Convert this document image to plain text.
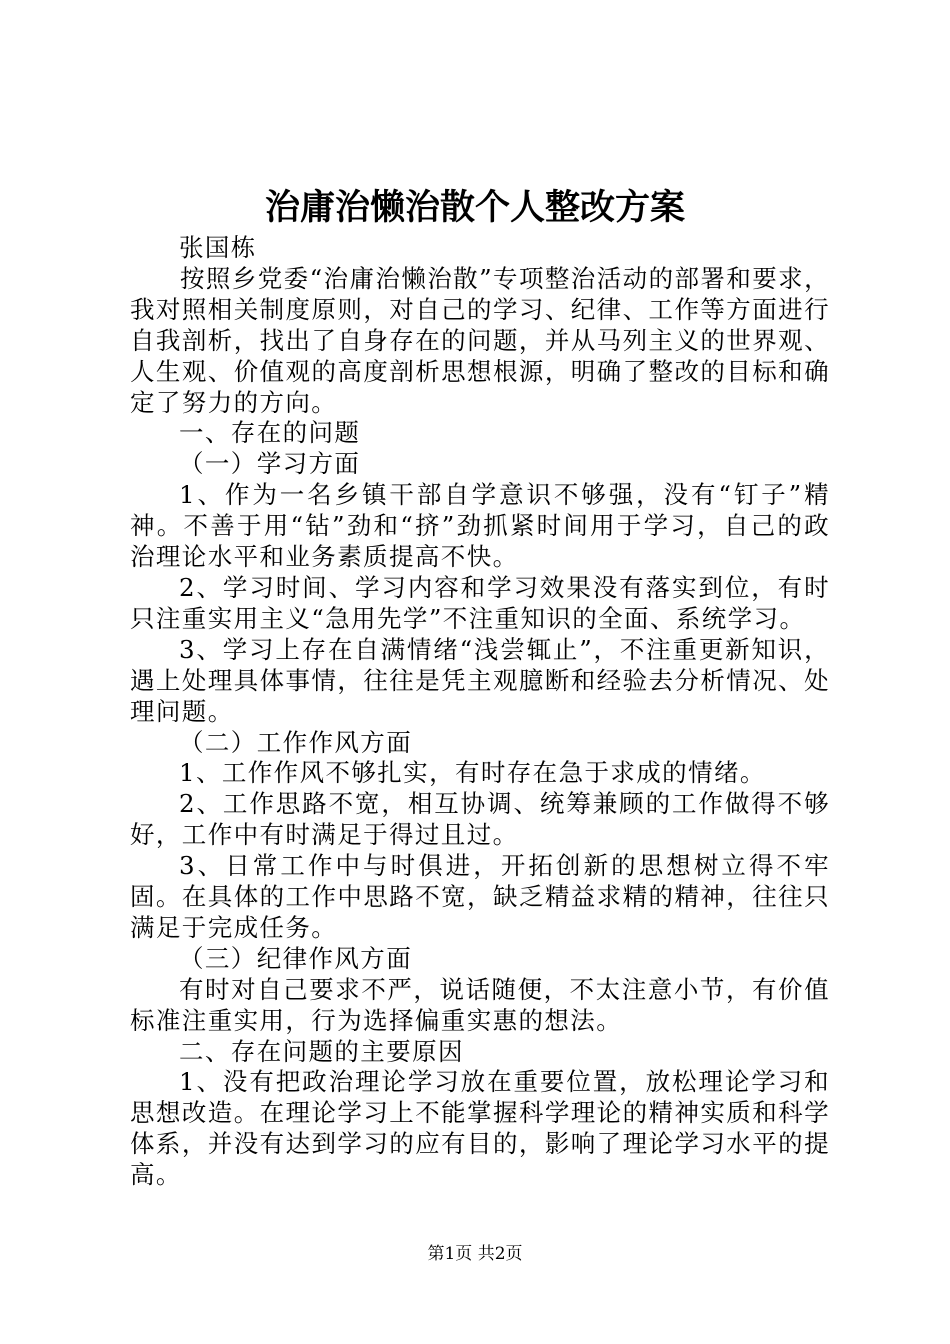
治庸治懒治散个人整改方案

张国栋

按照乡党委“治庸治懒治散”专项整治活动的部署和要求，我对照相关制度原则，对自己的学习、纪律、工作等方面进行自我剖析，找出了自身存在的问题，并从马列主义的世界观、人生观、价值观的高度剖析思想根源，明确了整改的目标和确定了努力的方向。

一、存在的问题

（一）学习方面

1、作为一名乡镇干部自学意识不够强，没有“钉子”精神。不善于用“钻”劲和“挤”劲抓紧时间用于学习，自己的政治理论水平和业务素质提高不快。

2、学习时间、学习内容和学习效果没有落实到位，有时只注重实用主义“急用先学”不注重知识的全面、系统学习。

3、学习上存在自满情绪“浅尝辄止”，不注重更新知识，遇上处理具体事情，往往是凭主观臆断和经验去分析情况、处理问题。

（二）工作作风方面

1、工作作风不够扎实，有时存在急于求成的情绪。

2、工作思路不宽，相互协调、统筹兼顾的工作做得不够好，工作中有时满足于得过且过。

3、日常工作中与时俱进，开拓创新的思想树立得不牢固。在具体的工作中思路不宽，缺乏精益求精的精神，往往只满足于完成任务。

（三）纪律作风方面

有时对自己要求不严，说话随便，不太注意小节，有价值标准注重实用，行为选择偏重实惠的想法。

二、存在问题的主要原因

1、没有把政治理论学习放在重要位置，放松理论学习和思想改造。在理论学习上不能掌握科学理论的精神实质和科学体系，并没有达到学习的应有目的，影响了理论学习水平的提高。

第1页 共2页
